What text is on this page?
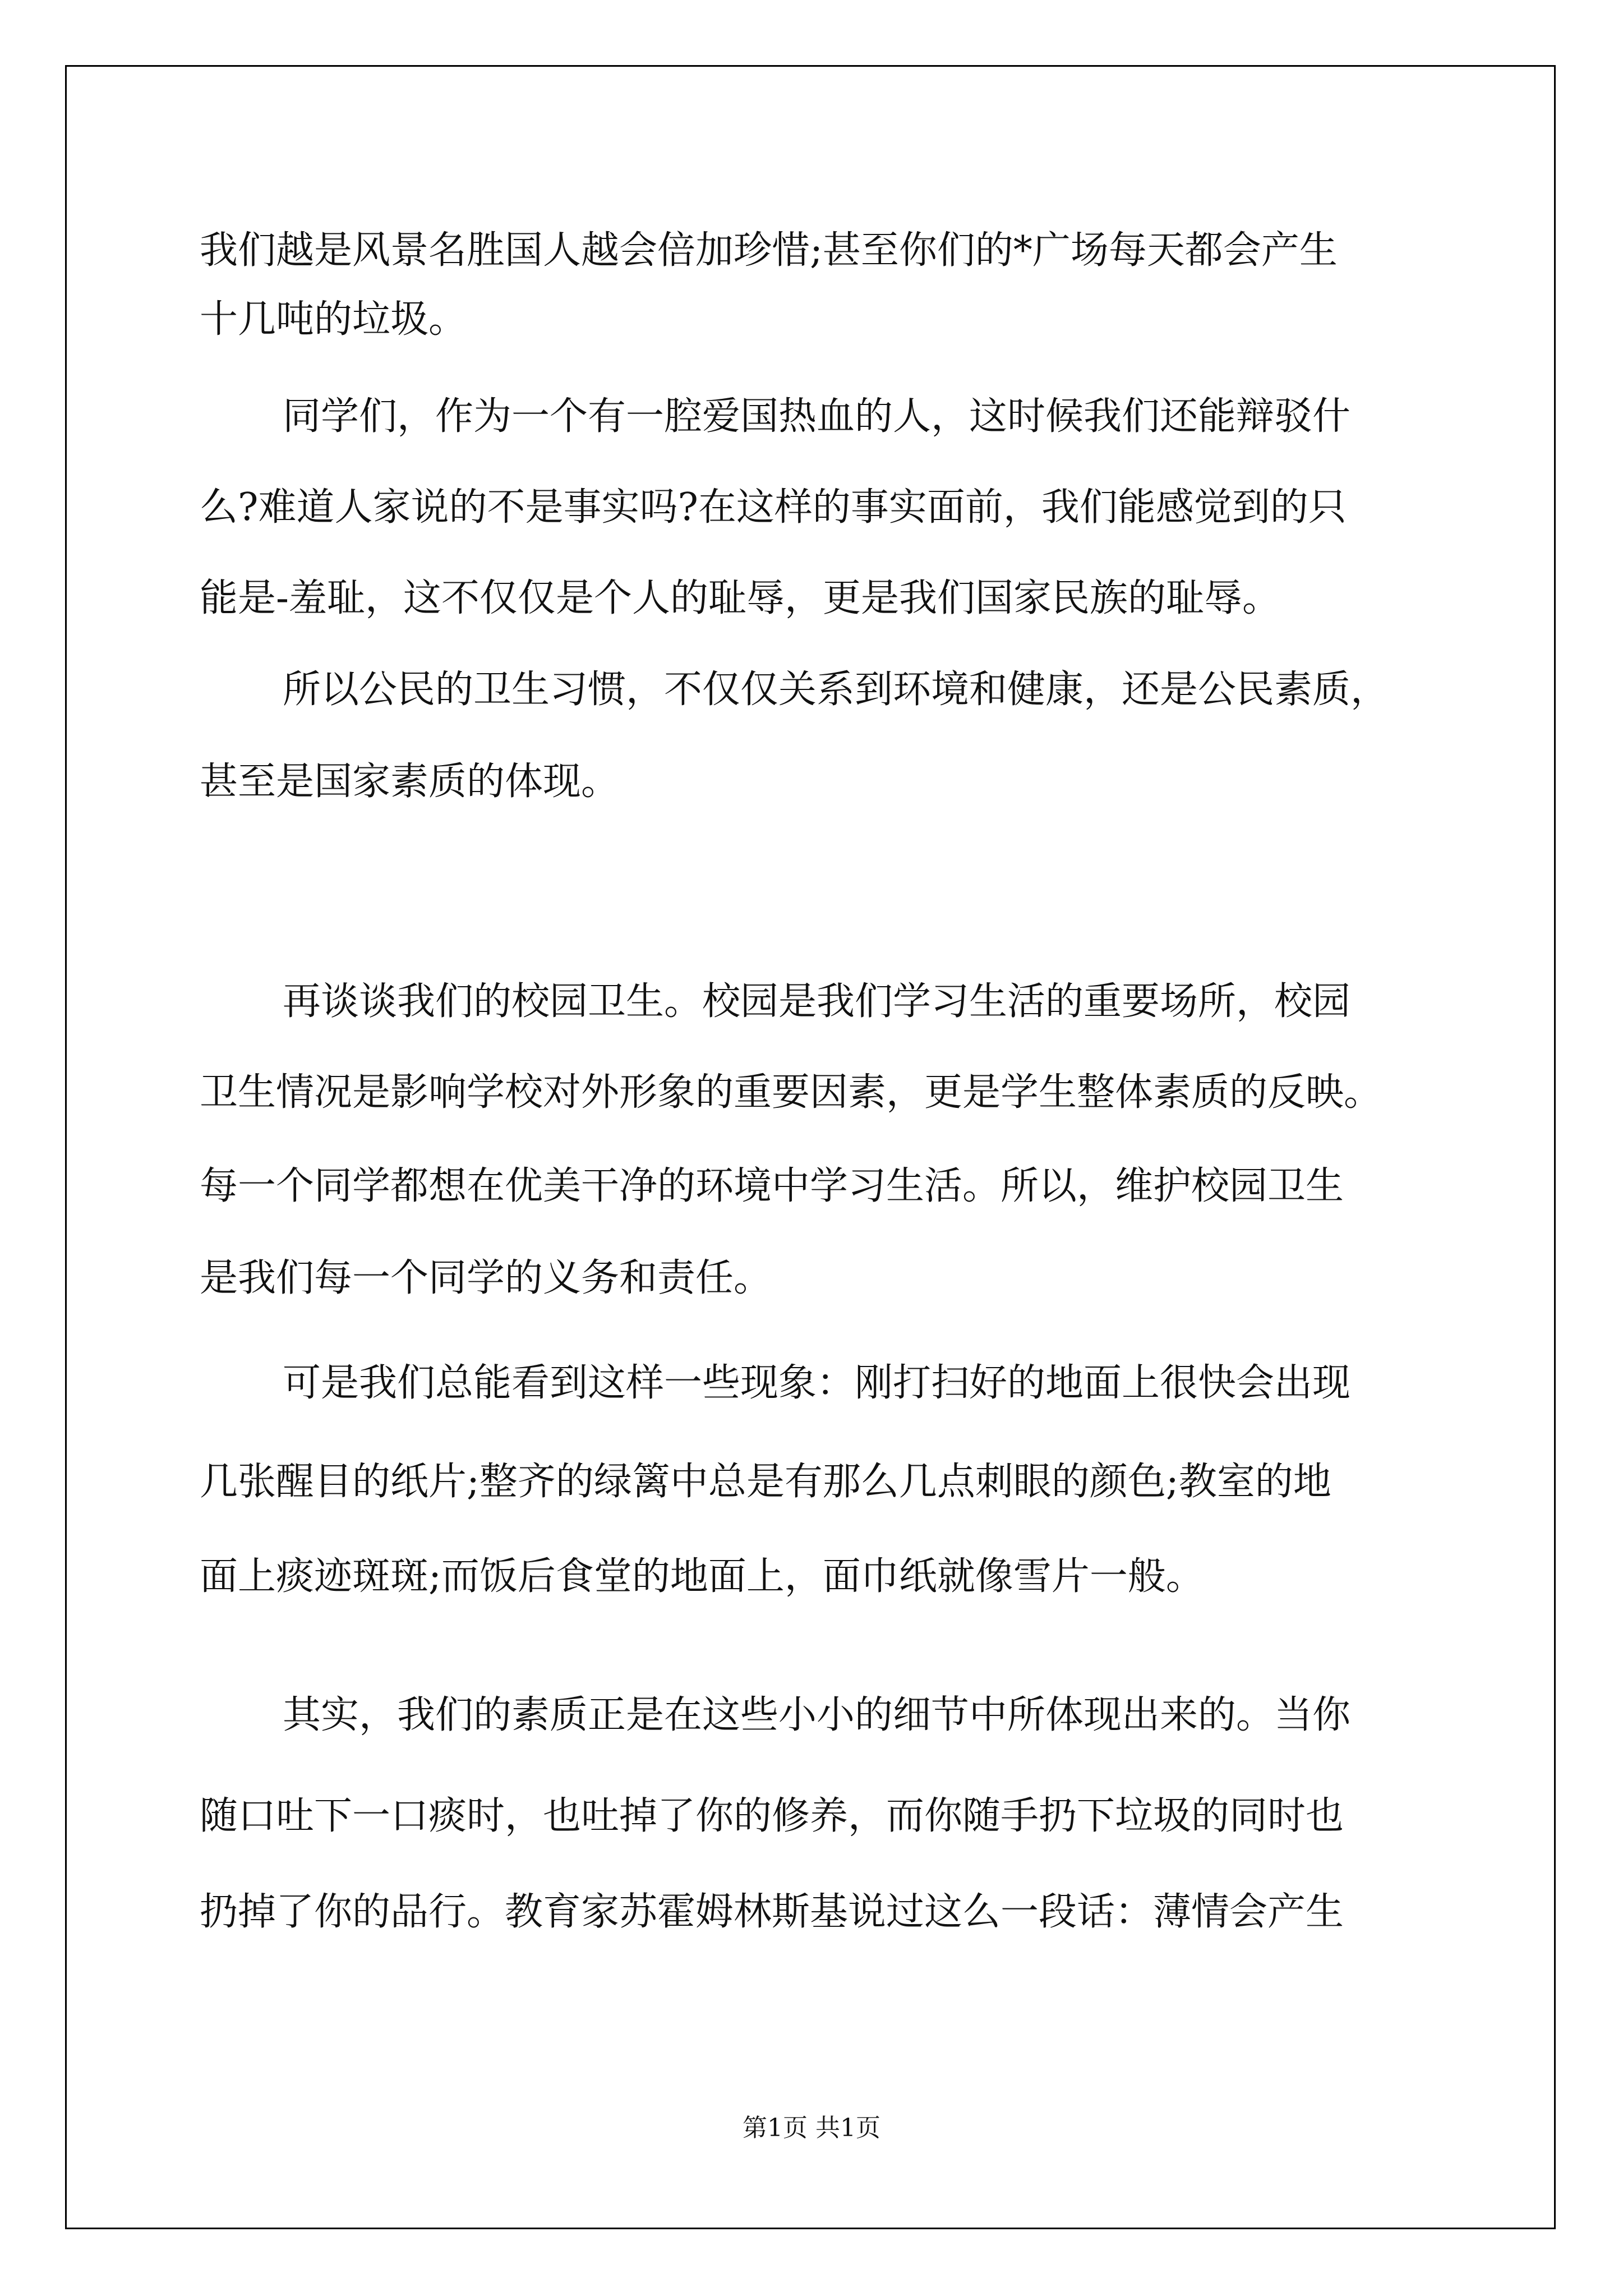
我们越是风景名胜国人越会倍加珍惜;甚至你们的*广场每天都会产生

十几吨的垃圾。

同学们，作为一个有一腔爱国热血的人，这时候我们还能辩驳什

么?难道人家说的不是事实吗?在这样的事实面前，我们能感觉到的只

能是-羞耻，这不仅仅是个人的耻辱，更是我们国家民族的耻辱。

所以公民的卫生习惯，不仅仅关系到环境和健康，还是公民素质，

甚至是国家素质的体现。

再谈谈我们的校园卫生。校园是我们学习生活的重要场所，校园

卫生情况是影响学校对外形象的重要因素，更是学生整体素质的反映。

每一个同学都想在优美干净的环境中学习生活。所以，维护校园卫生

是我们每一个同学的义务和责任。

可是我们总能看到这样一些现象：刚打扫好的地面上很快会出现

几张醒目的纸片;整齐的绿篱中总是有那么几点刺眼的颜色;教室的地

面上痰迹斑斑;而饭后食堂的地面上，面巾纸就像雪片一般。

其实，我们的素质正是在这些小小的细节中所体现出来的。当你

随口吐下一口痰时，也吐掉了你的修养，而你随手扔下垃圾的同时也

扔掉了你的品行。教育家苏霍姆林斯基说过这么一段话：薄情会产生

第1页 共1页
